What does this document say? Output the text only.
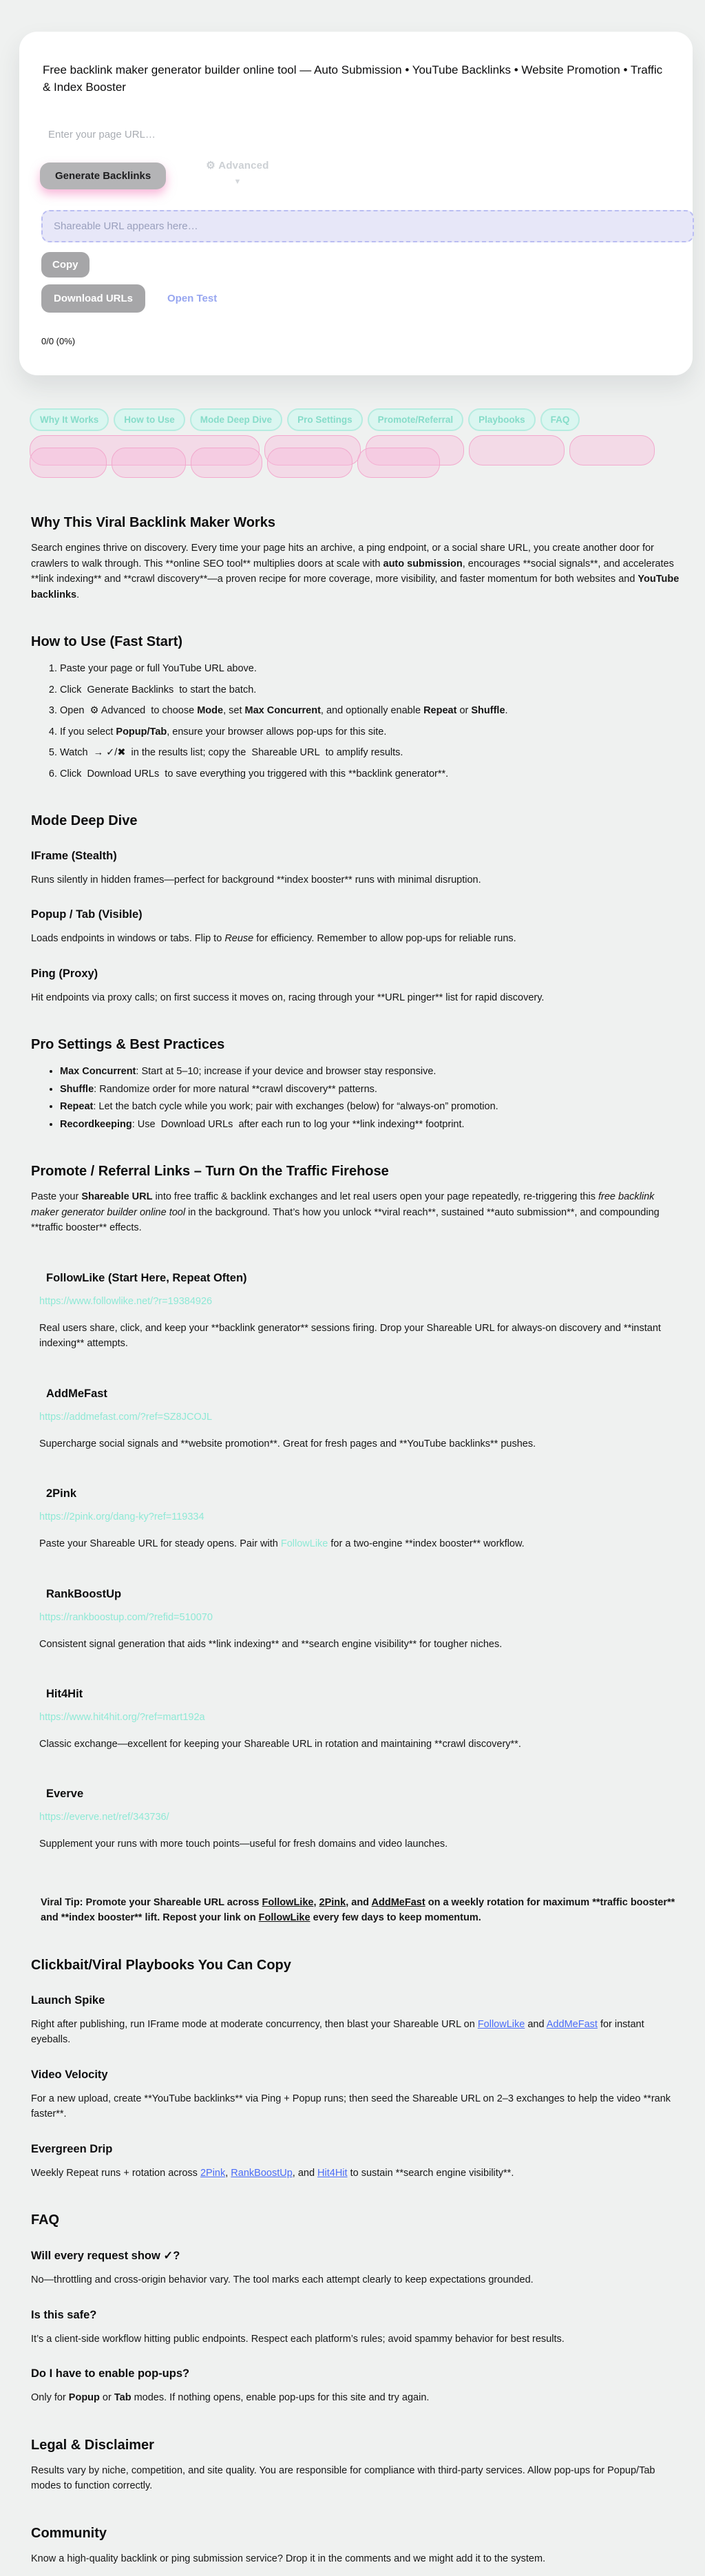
Free backlink maker generator builder online tool — Auto Submission • YouTube Backlinks • Website Promotion • Traffic & Index Booster
Enter your page URL…
Generate Backlinks
⚙ Advanced
▼
Shareable URL appears here…
Copy
Download URLs	Open Test
0/0 (0%)
Why It Works	How to Use	Mode Deep Dive	Pro Settings	Promote/Referral	Playbooks	FAQ
Why This Viral Backlink Maker Works

Search engines thrive on discovery. Every time your page hits an archive, a ping endpoint, or a social share URL, you create another door for crawlers to walk through. This **online SEO tool** multiplies doors at scale with auto submission, encourages **social signals**, and accelerates **link indexing** and **crawl discovery**—a proven recipe for more coverage, more visibility, and faster momentum for both websites and YouTube backlinks.

How to Use (Fast Start)
1. Paste your page or full YouTube URL above.
2. Click  Generate Backlinks  to start the batch.
3. Open  ⚙ Advanced  to choose Mode, set Max Concurrent, and optionally enable Repeat or Shuffle.
4. If you select Popup/Tab, ensure your browser allows pop-ups for this site.
5. Watch  → ✓/✖  in the results list; copy the  Shareable URL  to amplify results.
6. Click  Download URLs  to save everything you triggered with this **backlink generator**.
Mode Deep Dive
IFrame (Stealth)

Runs silently in hidden frames—perfect for background **index booster** runs with minimal disruption.

Popup / Tab (Visible)

Loads endpoints in windows or tabs. Flip to Reuse for efficiency. Remember to allow pop-ups for reliable runs.

Ping (Proxy)

Hit endpoints via proxy calls; on first success it moves on, racing through your **URL pinger** list for rapid discovery.

Pro Settings & Best Practices
• Max Concurrent: Start at 5–10; increase if your device and browser stay responsive.
• Shuffle: Randomize order for more natural **crawl discovery** patterns.
• Repeat: Let the batch cycle while you work; pair with exchanges (below) for “always-on” promotion.
• Recordkeeping: Use  Download URLs  after each run to log your **link indexing** footprint.
Promote / Referral Links – Turn On the Traffic Firehose

Paste your Shareable URL into free traffic & backlink exchanges and let real users open your page repeatedly, re-triggering this free backlink maker generator builder online tool in the background. That’s how you unlock **viral reach**, sustained **auto submission**, and compounding **traffic booster** effects.

FollowLike (Start Here, Repeat Often)
https://www.followlike.net/?r=19384926

Real users share, click, and keep your **backlink generator** sessions firing. Drop your Shareable URL for always-on discovery and **instant indexing** attempts.

AddMeFast
https://addmefast.com/?ref=SZ8JCOJL

Supercharge social signals and **website promotion**. Great for fresh pages and **YouTube backlinks** pushes.

2Pink
https://2pink.org/dang-ky?ref=119334

Paste your Shareable URL for steady opens. Pair with FollowLike for a two-engine **index booster** workflow.

RankBoostUp
https://rankboostup.com/?refid=510070

Consistent signal generation that aids **link indexing** and **search engine visibility** for tougher niches.

Hit4Hit
https://www.hit4hit.org/?ref=mart192a

Classic exchange—excellent for keeping your Shareable URL in rotation and maintaining **crawl discovery**.

Everve
https://everve.net/ref/343736/

Supplement your runs with more touch points—useful for fresh domains and video launches.

Viral Tip: Promote your Shareable URL across FollowLike, 2Pink, and AddMeFast on a weekly rotation for maximum **traffic booster** and **index booster** lift. Repost your link on FollowLike every few days to keep momentum.

Clickbait/Viral Playbooks You Can Copy
Launch Spike

Right after publishing, run IFrame mode at moderate concurrency, then blast your Shareable URL on FollowLike and AddMeFast for instant eyeballs.

Video Velocity

For a new upload, create **YouTube backlinks** via Ping + Popup runs; then seed the Shareable URL on 2–3 exchanges to help the video **rank faster**.

Evergreen Drip

Weekly Repeat runs + rotation across 2Pink, RankBoostUp, and Hit4Hit to sustain **search engine visibility**.

FAQ
Will every request show ✓?

No—throttling and cross-origin behavior vary. The tool marks each attempt clearly to keep expectations grounded.

Is this safe?

It’s a client-side workflow hitting public endpoints. Respect each platform’s rules; avoid spammy behavior for best results.

Do I have to enable pop-ups?

Only for Popup or Tab modes. If nothing opens, enable pop-ups for this site and try again.

Legal & Disclaimer

Results vary by niche, competition, and site quality. You are responsible for compliance with third-party services. Allow pop-ups for Popup/Tab modes to function correctly.

Community

Know a high-quality backlink or ping submission service? Drop it in the comments and we might add it to the system.
